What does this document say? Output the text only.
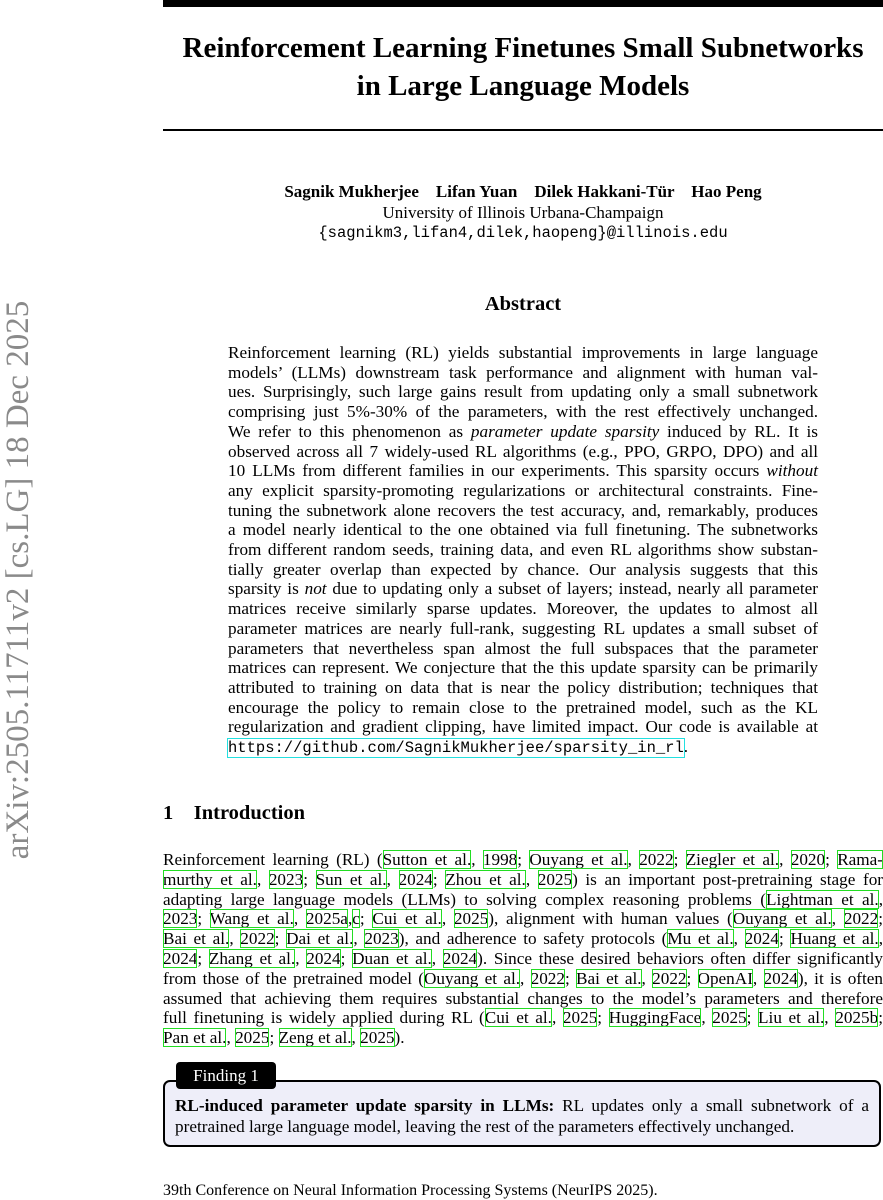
arXiv:2505.11711v2 [cs.LG] 18 Dec 2025
Reinforcement Learning Finetunes Small Subnetworks
in Large Language Models
Sagnik Mukherjee    Lifan Yuan    Dilek Hakkani-Tür    Hao Peng
University of Illinois Urbana-Champaign
{sagnikm3,lifan4,dilek,haopeng}@illinois.edu
Abstract
Reinforcement learning (RL) yields substantial improvements in large language
models’ (LLMs) downstream task performance and alignment with human val-
ues. Surprisingly, such large gains result from updating only a small subnetwork
comprising just 5%-30% of the parameters, with the rest effectively unchanged.
We refer to this phenomenon as parameter update sparsity induced by RL. It is
observed across all 7 widely-used RL algorithms (e.g., PPO, GRPO, DPO) and all
10 LLMs from different families in our experiments. This sparsity occurs without
any explicit sparsity-promoting regularizations or architectural constraints. Fine-
tuning the subnetwork alone recovers the test accuracy, and, remarkably, produces
a model nearly identical to the one obtained via full finetuning. The subnetworks
from different random seeds, training data, and even RL algorithms show substan-
tially greater overlap than expected by chance. Our analysis suggests that this
sparsity is not due to updating only a subset of layers; instead, nearly all parameter
matrices receive similarly sparse updates. Moreover, the updates to almost all
parameter matrices are nearly full-rank, suggesting RL updates a small subset of
parameters that nevertheless span almost the full subspaces that the parameter
matrices can represent. We conjecture that the this update sparsity can be primarily
attributed to training on data that is near the policy distribution; techniques that
encourage the policy to remain close to the pretrained model, such as the KL
regularization and gradient clipping, have limited impact. Our code is available at
https://github.com/SagnikMukherjee/sparsity_in_rl.
1    Introduction
Reinforcement learning (RL) (Sutton et al., 1998; Ouyang et al., 2022; Ziegler et al., 2020; Rama-
murthy et al., 2023; Sun et al., 2024; Zhou et al., 2025) is an important post-pretraining stage for
adapting large language models (LLMs) to solving complex reasoning problems (Lightman et al.,
2023; Wang et al., 2025a,c; Cui et al., 2025), alignment with human values (Ouyang et al., 2022;
Bai et al., 2022; Dai et al., 2023), and adherence to safety protocols (Mu et al., 2024; Huang et al.,
2024; Zhang et al., 2024; Duan et al., 2024). Since these desired behaviors often differ significantly
from those of the pretrained model (Ouyang et al., 2022; Bai et al., 2022; OpenAI, 2024), it is often
assumed that achieving them requires substantial changes to the model’s parameters and therefore
full finetuning is widely applied during RL (Cui et al., 2025; HuggingFace, 2025; Liu et al., 2025b;
Pan et al., 2025; Zeng et al., 2025).
Finding 1
RL-induced parameter update sparsity in LLMs: RL updates only a small subnetwork of a
pretrained large language model, leaving the rest of the parameters effectively unchanged.
39th Conference on Neural Information Processing Systems (NeurIPS 2025).
